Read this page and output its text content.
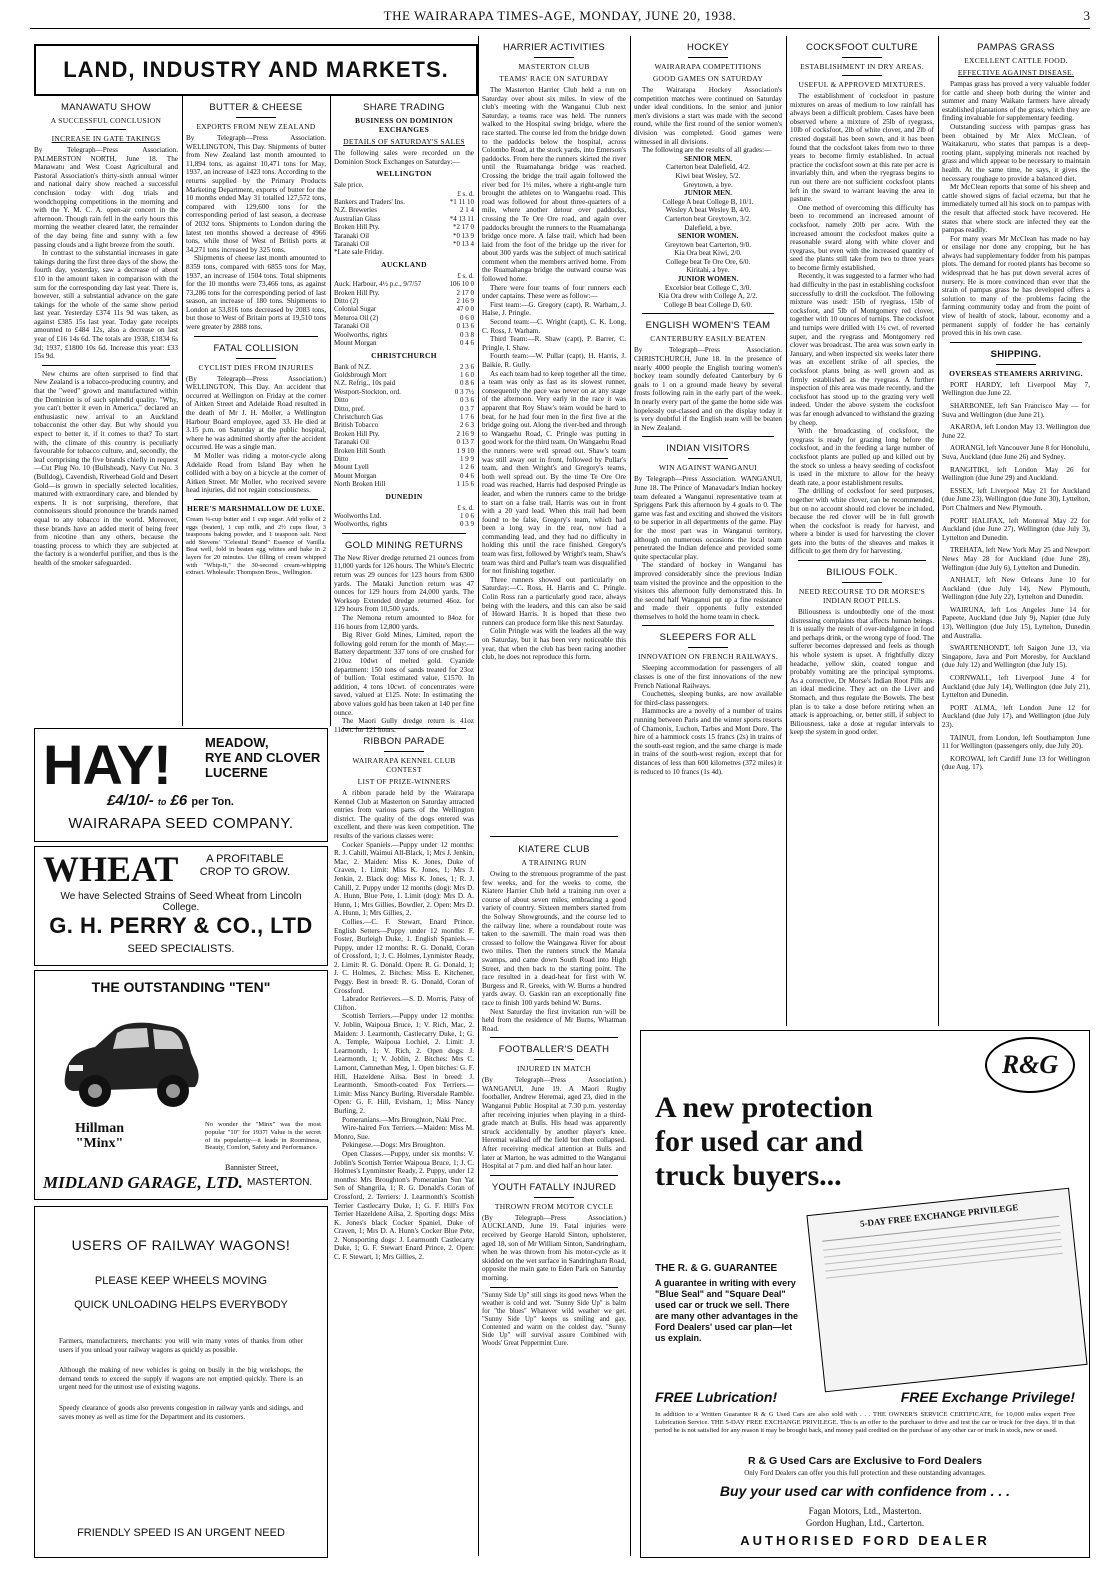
THE WAIRARAPA TIMES-AGE, MONDAY, JUNE 20, 1938.	3
LAND, INDUSTRY AND MARKETS.
MANAWATU SHOW
A SUCCESSFUL CONCLUSION
INCREASE IN GATE TAKINGS

By Telegraph—Press Association. PALMERSTON NORTH, June 18. The Manawatu and West Coast Agricultural and Pastoral Association's thirty-sixth annual winter and national dairy show reached a successful conclusion today with dog trials and woodchopping competitions in the morning and with the Y. M. C. A. open-air concert in the afternoon. Though rain fell in the early hours this morning the weather cleared later, the remainder of the day being fine and sunny with a few passing clouds and a light breeze from the south.

In contrast to the substantial increases in gate takings during the first three days of the show, the fourth day, yesterday, saw a decrease of about £10 in the amount taken in comparison with the sum for the corresponding day last year. There is, however, still a substantial advance on the gate takings for the whole of the same show period last year. Yesterday £374 11s 9d was taken, as against £385 15s last year. Today gate receipts amounted to £484 12s, also a decrease on last year of £16 14s 6d. The totals are 1938, £1834 6s 3d; 1937, £1800 10s 6d. Increase this year: £33 15s 9d.

New chums are often surprised to find that New Zealand is a tobacco-producing country, and that the "weed" grown and manufactured within the Dominion is of such splendid quality. "Why, you can't better it even in America," declared an enthusiastic new arrival to an Auckland tobacconist the other day. But why should you expect to better it, if it comes to that? To start with, the climate of this country is peculiarly favourable for tobacco culture, and, secondly, the leaf comprising the five brands chiefly in request—Cut Plug No. 10 (Bullshead), Navy Cut No. 3 (Bulldog), Cavendish, Riverhead Gold and Desert Gold—is grown in specially selected localities, matured with extraordinary care, and blended by experts. It is not surprising, therefore, that connoisseurs should pronounce the brands named equal to any tobacco in the world. Moreover, these brands have an added merit of being freer from nicotine than any others, because the toasting process to which they are subjected at the factory is a wonderful purifier, and thus is the health of the smoker safeguarded.

BUTTER & CHEESE
EXPORTS FROM NEW ZEALAND

By Telegraph—Press Association. WELLINGTON, This Day. Shipments of butter from New Zealand last month amounted to 11,894 tons, as against 10,471 tons for May, 1937, an increase of 1423 tons. According to the returns supplied by the Primary Products Marketing Department, exports of butter for the 10 months ended May 31 totalled 127,572 tons, compared with 129,600 tons for the corresponding period of last season, a decrease of 2032 tons. Shipments to London during the latest ten months showed a decrease of 4966 tons, while those of West of British ports at 34,271 tons increased by 325 tons.

Shipments of cheese last month amounted to 8359 tons, compared with 6855 tons for May, 1937, an increase of 1504 tons. Total shipments for the 10 months were 73,466 tons, as against 73,286 tons for the corresponding period of last season, an increase of 180 tons. Shipments to London at 53,816 tons decreased by 2083 tons, but those to West of Britain ports at 19,510 tons were greater by 2888 tons.

FATAL COLLISION
CYCLIST DIES FROM INJURIES

(By Telegraph—Press Association.) WELLINGTON, This Day. An accident that occurred at Wellington on Friday at the corner of Aitken Street and Adelaide Road resulted in the death of Mr J. H. Moller, a Wellington Harbour Board employee, aged 33. He died at 3.15 p.m. on Saturday at the public hospital, where he was admitted shortly after the accident occurred. He was a single man.

M Moller was riding a motor-cycle along Adelaide Road from Island Bay when he collided with a boy on a bicycle at the corner of Aitken Street. Mr Moller, who received severe head injuries, did not regain consciousness.

HERE'S MARSHMALLOW DE LUXE.

Cream ¼-cup butter and 1 cup sugar. Add yolks of 2 eggs (beaten), 1 cup milk, and 2½ cups flour, 3 teaspoons baking powder, and 1 teaspoon salt. Next add Stevens' "Celestial Brand" Essence of Vanilla. Beat well, fold in beaten egg whites and bake in 2 layers for 20 minutes. Use filling of cream whipped with "Whip-It," the 30-second cream-whipping extract. Wholesale: Thompson Bros., Wellington.

SHARE TRADING
BUSINESS ON DOMINION EXCHANGES
DETAILS OF SATURDAY'S SALES

The following sales were recorded on the Dominion Stock Exchanges on Saturday:—

WELLINGTON
Sale price.	
	£ s. d.
Bankers and Traders' Ins.	*1 11 10
N.Z. Breweries	2 1 4
Australian Glass	*4 13 11
Broken Hill Pty.	*2 17 0
Taranaki Oil	*0 13 9
Taranaki Oil	*0 13 4
*Late sale Friday.	
AUCKLAND
	£ s. d.
Auck. Harbour, 4½ p.c., 9/7/57	106 10 0
Broken Hill Pty.	2 17 0
Ditto (2)	2 16 9
Colonial Sugar	47 0 0
Meturoa Oil (2)	0 6 0
Taranaki Oil	0 13 6
Woolworths, rights	0 3 8
Mount Morgan	0 4 6
CHRISTCHURCH
Bank of N.Z.	2 3 6
Goldsbrough Mort	1 6 0
N.Z. Refrig., 10s paid	0 8 6
Westport-Stockton, ord.	0 3 7½
Ditto	0 3 6
Ditto, pref.	0 3 7
Christchurch Gas	1 7 6
British Tobacco	2 6 3
Broken Hill Pty.	2 16 9
Taranaki Oil	0 13 7
Broken Hill South	1 9 10
Ditto	1 9 9
Mount Lyell	1 2 6
Mount Morgan	0 4 6
North Broken Hill	1 15 6
DUNEDIN
	£ s. d.
Woolworths Ltd.	1 0 6
Woolworths, rights	0 3 9
GOLD MINING RETURNS

The New River dredge returned 21 ounces from 11,000 yards for 126 hours. The White's Electric return was 29 ounces for 123 hours from 6300 yards. The Mataki Junction return was 47 ounces for 129 hours from 24,000 yards. The Worksop Extended dredge returned 46oz. for 129 hours from 10,500 yards.

The Nemona return amounted to 84oz for 116 hours from 12,800 yards.

Big River Gold Mines, Limited, report the following gold return for the month of May:—Battery department: 337 tons of ore crushed for 210oz 10dwt of melted gold. Cyanide department: 150 tons of sands treated for 23oz of bullion. Total estimated value, £1570. In addition, 4 tons 10cwt. of concentrates were saved, valued at £125. Note: In estimating the above values gold has been taken at 140 per fine ounce.

The Maori Gully dredge return is 41oz 11dwt. for 121 hours.

RIBBON PARADE
WAIRARAPA KENNEL CLUB CONTEST
LIST OF PRIZE-WINNERS

A ribbon parade held by the Wairarapa Kennel Club at Masterton on Saturday attracted entries from various parts of the Wellington district. The quality of the dogs entered was excellent, and there was keen competition. The results of the various classes were:

Cocker Spaniels.—Puppy under 12 months: R. J. Cahill, Waimui All-Black, 1; Mrs J. Jenkin, Mac, 2. Maiden: Miss K. Jones, Duke of Craven, 1. Limit: Miss K. Jones, 1; Mrs J. Jenkin, 2. Black dog: Miss K. Jones, 1; R. J. Cahill, 2. Puppy under 12 months (dog): Mrs D. A. Hunn, Blue Pete, 1. Limit (dog): Mrs D. A. Hunn, 1; Mrs Gillies, Bowdler, 2. Open: Mrs D. A. Hunn, 1; Mrs Gillies, 2.

Collies.—C. F. Stewart, Enard Prince. English Setters—Puppy under 12 months: F. Foster, Burleigh Duke, 1. English Spaniels.—Puppy, under 12 months: R. G. Donald, Coran of Crossford, 1; J. C. Holmes, Lynmister Ready, 2. Limit: R. G. Donald. Open: R. G. Donald, 1; J. C. Holmes, 2. Bitches: Miss E. Kitchener, Peggy. Best in breed: R. G. Donald, Coran of Crossford.

Labrador Retrievers.—S. D. Morris, Patsy of Clifton.

Scottish Terriers.—Puppy under 12 months: V. Joblin, Waipoua Bruce, 1; V. Rich, Mac, 2. Maiden: J. Learmonth, Castlecarry Duke, 1; G. A. Temple, Waipoua Lochiel, 2. Limit: J. Learmonth, 1; V. Rich, 2. Open dogs: J. Learmonth, 1; V. Joblin, 2. Bitches: Mrs C. Lamont, Camnethan Meg, 1. Open bitches: G. F. Hill, Hazeldene Ailsa. Best in breed: J. Learmonth. Smooth-coated Fox Terriers.—Limit: Miss Nancy Burling, Riversdale Ramble. Open: G. F. Hill, Evisham, 1; Miss Nancy Burling, 2.

Pomeranians.—Mrs Broughton, Naki Prec.

Wire-haired Fox Terriers.—Maiden: Miss M. Monro, Sue.

Pekingese.—Dogs: Mrs Broughton.

Open Classes.—Puppy, under six months: V. Joblin's Scottish Terrier Waipoua Bruce, 1; J. C. Holmes's Lynminster Ready, 2. Puppy, under 12 months: Mrs Broughton's Pomeranian Sun Yat Sen of Shangrila, 1; R. G. Donald's Coran of Crossford, 2. Terriers: J. Learmonth's Scottish Terrier Castlecarry Duke, 1; G. F. Hill's Fox Terrier Hazeldene Ailsa, 2. Sporting dogs: Miss K. Jones's black Cocker Spaniel, Duke of Craven, 1; Mrs D. A. Hunn's Cocker Blue Pete, 2. Nonsporting dogs: J. Learmonth Castlecarry Duke, 1; G. F. Stewart Enard Prince, 2. Open: C. F. Stewart, 1; Mrs Gillies, 2.

HARRIER ACTIVITIES
MASTERTON CLUB
TEAMS' RACE ON SATURDAY

The Masterton Harrier Club held a run on Saturday over about six miles. In view of the club's meeting with the Wanganui Club next Saturday, a teams race was held. The runners walked to the Hospital swing bridge, where the race started. The course led from the bridge down to the paddocks below the hospital, across Colombo Road, at the stock yards, into Emerson's paddocks. From here the runners skirted the river until the Ruamahanga bridge was reached. Crossing the bridge the trail again followed the river bed for 1½ miles, where a right-angle turn brought the athletes on to Wangaehu road. This road was followed for about three-quarters of a mile, where another detour over paddocks, crossing the Te Ore Ore road, and again over paddocks brought the runners to the Ruamahanga bridge once more. A false trail, which had been laid from the foot of the bridge up the river for about 300 yards was the subject of much satirical comment when the members arrived home. From the Ruamahanga bridge the outward course was followed home.

There were four teams of four runners each under captains. These were as follow:—

First team:—G. Gregory (capt), R. Warham, J. Halse, J. Pringle.

Second team:—C. Wright (capt), C. K. Long, C. Ross, J. Warham.

Third Team:—R. Shaw (capt), P. Barrer, C. Pringle, I. Shaw.

Fourth team:—W. Pullar (capt), H. Harris, J. Baikie, R. Gully.

As each team had to keep together all the time, a team was only as fast as its slowest runner, consequently the pace was never on at any stage of the afternoon. Very early in the race it was apparent that Roy Shaw's team would be hard to beat, for he had four men in the first five at the bridge going out. Along the river-bed and through to Wangaehu Road, C. Pringle was putting in good work for the third team. On Wangaehu Road the runners were well spread out. Shaw's team was still away out in front, followed by Pullar's team, and then Wright's and Gregory's teams, both well spread out. By the time Te Ore Ore road was reached, Harris had desposed Pringle as leader, and when the runners came to the bridge to start on a false trail, Harris was out in front with a 20 yard lead. When this trail had been found to be false, Gregory's team, which had been a long way in the rear, now had a commanding lead, and they had no difficulty in holding this until the race finished. Gregory's team was first, followed by Wright's team, Shaw's team was third and Pullar's team was disqualified for not finishing together.

Three runners showed out particularly on Saturday:—C. Ross, H. Harris and C. Pringle. Colin Ross ran a particularly good race, always being with the leaders, and this can also be said of Howard Harris. It is hoped that these two runners can produce form like this next Saturday.

Colin Pringle was with the leaders all the way on Saturday, but it has been very noticeable this year, that when the club has been racing another club, he does not reproduce this form.

KIATERE CLUB
A TRAINING RUN

Owing to the strenuous programme of the past few weeks, and for the weeks to come, the Kiatere Harrier Club held a training run over a course of about seven miles, embracing a good variety of country. Sixteen members started from the Solway Showgrounds, and the course led to the railway line, where a roundabout route was taken to the sawmill. The main road was then crossed to follow the Waingawa River for about two miles. Then the runners struck the Manaia swamps, and came down South Road into High Street, and then back to the starting point. The race resulted in a dead-heat for first with W. Burgess and R. Greeks, with W. Burns a hundred yards away. O. Gaskin ran an exceptionally fine race to finish 100 yards behind W. Burns.

Next Saturday the first invitation run will be held from the residence of Mr Burns, Whatman Road.

FOOTBALLER'S DEATH
INJURED IN MATCH

(By Telegraph—Press Association.) WANGANUI, June 19. A Maori Rugby footballer, Andrew Heremai, aged 23, died in the Wanganui Public Hospital at 7.30 p.m. yesterday after receiving injuries when playing in a third-grade match at Bulls. His head was apparently struck accidentally by another player's knee. Heremai walked off the field but then collapsed. After receiving medical attention at Bulls and later at Marton, he was admitted to the Wanganui Hospital at 7 p.m. and died half an hour later.

YOUTH FATALLY INJURED
THROWN FROM MOTOR CYCLE

(By Telegraph—Press Association.) AUCKLAND, June 19. Fatal injuries were received by George Harold Sinton, upholsterer, aged 18, son of Mr William Sinton, Sandringham, when he was thrown from his motor-cycle as it skidded on the wet surface in Sandringham Road, opposite the main gate to Eden Park on Saturday morning.

"Sunny Side Up" still sings its good news When the weather is cold and wet. "Sunny Side Up" is balm for "the blues" Whatever wild weather we get. "Sunny Side Up" keeps us smiling and gay, Contented and warm on the coldest day. "Sunny Side Up" will survival assure Combined with Woods' Great Peppermint Cure.

HOCKEY
WAIRARAPA COMPETITIONS
GOOD GAMES ON SATURDAY

The Wairarapa Hockey Association's competition matches were continued on Saturday under ideal conditions. In the senior and junior men's divisions a start was made with the second round, while the first round of the senior women's division was completed. Good games were witnessed in all divisions.

The following are the results of all grades:—

SENIOR MEN.
Carterton beat Dalefield, 4/2.
Kiwi beat Wesley, 5/2.
Greytown, a bye.
JUNIOR MEN.
College A beat College B, 10/1.
Wesley A beat Wesley B, 4/0.
Carterton beat Greytown, 3/2.
Dalefield, a bye.
SENIOR WOMEN.
Greytown beat Carterton, 9/0.
Kia Ora beat Kiwi, 2/0.
College beat Te Ore Ore, 6/0.
Kiritahi, a bye.
JUNIOR WOMEN.
Excelsior beat College C, 3/0.
Kia Ora drew with College A, 2/2.
College B beat College D, 6/0.
ENGLISH WOMEN'S TEAM
CANTERBURY EASILY BEATEN

By Telegraph—Press Association. CHRISTCHURCH, June 18. In the presence of nearly 4000 people the English touring women's hockey team soundly defeated Canterbury by 6 goals to 1 on a ground made heavy by several frosts following rain in the early part of the week. In nearly every part of the game the home side was hopelessly out-classed and on the display today it is very doubtful if the English team will be beaten in New Zealand.

INDIAN VISITORS
WIN AGAINST WANGANUI

By Telegraph—Press Association. WANGANUI, June 18. The Prince of Manavadar's Indian hockey team defeated a Wanganui representative team at Spriggens Park this afternoon by 4 goals to 0. The game was fast and exciting and showed the visitors to be superior in all departments of the game. Play for the most part was in Wanganui territory, although on numerous occasions the local team penetrated the Indian defence and provided some quite spectacular play.

The standard of hockey in Wanganui has improved considerably since the previous Indian team visited the province and the opposition to the visitors this afternoon fully demonstrated this. In the second half Wanganui put up a fine resistance and made their opponents fully extended themselves to hold the home team in check.

SLEEPERS FOR ALL
INNOVATION ON FRENCH RAILWAYS.

Sleeping accommodation for passengers of all classes is one of the first innovations of the new French National Railways.

Couchettes, sleeping bunks, are now available for third-class passengers.

Hammocks are a novelty of a number of trains running between Paris and the winter sports resorts of Chamonix, Luchon, Tarbes and Mont Dore. The hire of a hammock costs 15 francs (2s) in trains of the south-east region, and the same charge is made in trains of the south-west region, except that for distances of less than 600 kilometres (372 miles) it is reduced to 10 francs (1s 4d).

COCKSFOOT CULTURE
ESTABLISHMENT IN DRY AREAS.
USEFUL & APPROVED MIXTURES.

The establishment of cocksfoot in pasture mixtures on areas of medium to low rainfall has always been a difficult problem. Cases have been observed where a mixture of 25lb of ryegrass, 10lb of cocksfoot, 2lb of white clover, and 2lb of crested dogstail has been sown, and it has been found that the cocksfoot takes from two to three years to become firmly established. In actual practice the cocksfoot sown at this rate per acre is invariably thin, and when the ryegrass begins to run out there are not sufficient cocksfoot plants left in the sward to warrant leaving the area in pasture.

One method of overcoming this difficulty has been to recommend an increased amount of cocksfoot, namely 20lb per acre. With the increased amount the cocksfoot makes quite a reasonable sward along with white clover and ryegrass, but even with the increased quantity of seed the plants still take from two to three years to become firmly established.

Recently, it was suggested to a farmer who had had difficulty in the past in establishing cocksfoot successfully to drill the cocksfoot. The following mixture was used: 15lb of ryegrass, 15lb of cocksfoot, and 5lb of Montgomery red clover, together with 10 ounces of turnips. The cocksfoot and turnips were drilled with 1½ cwt. of reverted super, and the ryegrass and Montgomery red clover was broadcast. The area was sown early in January, and when inspected six weeks later there was an excellent strike of all species, the cocksfoot plants being as well grown and as firmly established as the ryegrass. A further inspection of this area was made recently, and the cocksfoot has stood up to the grazing very well indeed. Under the above system the cocksfoot was far enough advanced to withstand the grazing by cheep.

With the broadcasting of cocksfoot, the ryegrass is ready for grazing long before the cocksfoot, and in the feeding a large number of cocksfoot plants are pulled up and killed out by the stock so unless a heavy seeding of cocksfoot is used in the mixture to allow for the heavy death rate, a poor establishment results.

The drilling of cocksfoot for seed purposes, together with white clover, can be recommended, but on no account should red clover be included, because the red clover will be in full growth when the cocksfoot is ready for harvest, and where a binder is used for harvesting the clover gets into the butts of the sheaves and makes it difficult to get them dry for harvesting.

BILIOUS FOLK.
NEED RECOURSE TO DR MORSE'S INDIAN ROOT PILLS.

Biliousness is undoubtedly one of the most distressing complaints that affects human beings. It is usually the result of over-indulgence in food and perhaps drink, or the wrong type of food. The sufferer becomes depressed and feels as though his whole system is upset. A frightfully dizzy headache, yellow skin, coated tongue and probably vomiting are the principal symptoms. As a corrective, Dr Morse's Indian Root Pills are an ideal medicine. They act on the Liver and Stomach, and thus regulate the Bowels. The best plan is to take a dose before retiring when an attack is approaching, or, better still, if subject to Biliousness, take a dose at regular intervals to keep the system in good order.

PAMPAS GRASS
EXCELLENT CATTLE FOOD.
EFFECTIVE AGAINST DISEASE.

Pampas grass has proved a very valuable fodder for cattle and sheep both during the winter and summer and many Waikato farmers have already established plantations of the grass, which they are finding invaluable for supplementary feeding.

Outstanding success with pampas grass has been obtained by Mr Alex McClean, of Waitakaruru, who states that pampas is a deep-rooting plant, supplying minerals not reached by grass and which appear to be necessary to maintain health. At the same time, he says, it gives the necessary roughage to provide a balanced diet.

Mr McClean reports that some of his sheep and cattle showed signs of facial eczema, but that he immediately turned all his stock on to pampas with the result that affected stock have recovered. He states that where stock are infected they eat the pampas readily.

For many years Mr McClean has made no hay or ensilage nor done any cropping, but he has always had supplementary fodder from his pampas plots. The demand for rooted plants has become so widespread that he has put down several acres of nursery. He is more convinced than ever that the strain of pampas grass he has developed offers a solution to many of the problems facing the farming community today and from the point of view of health of stock, labour, economy and a permanent supply of fodder he has certainly proved this in his own case.

SHIPPING.
OVERSEAS STEAMERS ARRIVING.

PORT HARDY, left Liverpool May 7, Wellington due June 22.

SHARBONEE, left San Francisco May — for Suva and Wellington (due June 21).

AKAROA, left London May 13. Wellington due June 22.

AORANGI, left Vancouver June 8 for Honolulu, Suva, Auckland (due June 26) and Sydney.

RANGITIKI, left London May 26 for Wellington (due June 29) and Auckland.

ESSEX, left Liverpool May 21 for Auckland (due June 23), Wellington (due June 30), Lyttelton, Port Chalmers and New Plymouth.

PORT HALIFAX, left Montreal May 22 for Auckland (due June 27), Wellington (due July 3), Lyttelton and Dunedin.

TREHATA, left New York May 25 and Newport News May 28 for Auckland (due June 28), Wellington (due July 6), Lyttelton and Dunedin.

ANHALT, left New Orleans June 10 for Auckland (due July 14), New Plymouth, Wellington (due July 22), Lyttelton and Dunedin.

WAIRUNA, left Los Angeles June 14 for Papeete, Auckland (due July 9), Napier (due July 13), Wellington (due July 15), Lyttelton, Dunedin and Australia.

SWARTENHONDT, left Saigon June 13, via Singapore, Java and Port Moresby, for Auckland (due July 12) and Wellington (due July 15).

CORNWALL, left Liverpool June 4 for Auckland (due July 14), Wellington (due July 21), Lyttelton and Dunedin.

PORT ALMA, left London June 12 for Auckland (due July 17), and Wellington (due July 23).

TAINUI, from London, left Southampton June 11 for Wellington (passengers only, due July 20).

KOROWAI, left Cardiff June 13 for Wellington (due Aug. 17).

HAY!	MEADOW,
RYE AND CLOVER
LUCERNE
£4/10/- to £6 per Ton.
WAIRARAPA SEED COMPANY.
WHEAT	A PROFITABLE
CROP TO GROW.
We have Selected Strains of Seed Wheat from Lincoln College.
G. H. PERRY & CO., LTD
SEED SPECIALISTS.
THE OUTSTANDING "TEN"
Hillman
"Minx"
No wonder the "Minx" was the most popular "10" for 1937! Value is the secret of its popularity—it leads in Roominess, Beauty, Comfort, Safety and Performance.
Bannister Street,
MIDLAND GARAGE, LTD. MASTERTON.
USERS OF RAILWAY WAGONS!
PLEASE KEEP WHEELS MOVING
QUICK UNLOADING HELPS EVERYBODY

Farmers, manufacturers, merchants: you will win many votes of thanks from other users if you unload your railway wagons as quickly as possible.

Although the making of new vehicles is going on busily in the big workshops, the demand tends to exceed the supply if wagons are not emptied quickly. There is an urgent need for the utmost use of existing wagons.

Speedy clearance of goods also prevents congestion in railway yards and sidings, and saves money as well as time for the Department and its customers.

FRIENDLY SPEED IS AN URGENT NEED
R&G
A new protection
for used car and
truck buyers...
5-DAY FREE EXCHANGE PRIVILEGE
THE R. & G. GUARANTEE
A guarantee in writing with every "Blue Seal" and "Square Deal" used car or truck we sell. There are many other advantages in the Ford Dealers' used car plan—let us explain.
FREE Lubrication!	FREE Exchange Privilege!
In addition to a Written Guarantee R & G Used Cars are also sold with . . . THE OWNER'S SERVICE CERTIFICATE, for 10,000 miles expert Free Lubrication Service. THE 5-DAY FREE EXCHANGE PRIVILEGE. This is an offer to the purchaser to drive and test the car or truck for five days. If in that period he is not satisfied for any reason it may be brought back, and money paid credited on the purchase of any other car or truck in stock, new or used.
R & G Used Cars are Exclusive to Ford Dealers
Only Ford Dealers can offer you this full protection and these outstanding advantages.
Buy your used car with confidence from . . .
Fagan Motors, Ltd., Masterton.
Gordon Hughan, Ltd., Carterton.
AUTHORISED FORD DEALER
